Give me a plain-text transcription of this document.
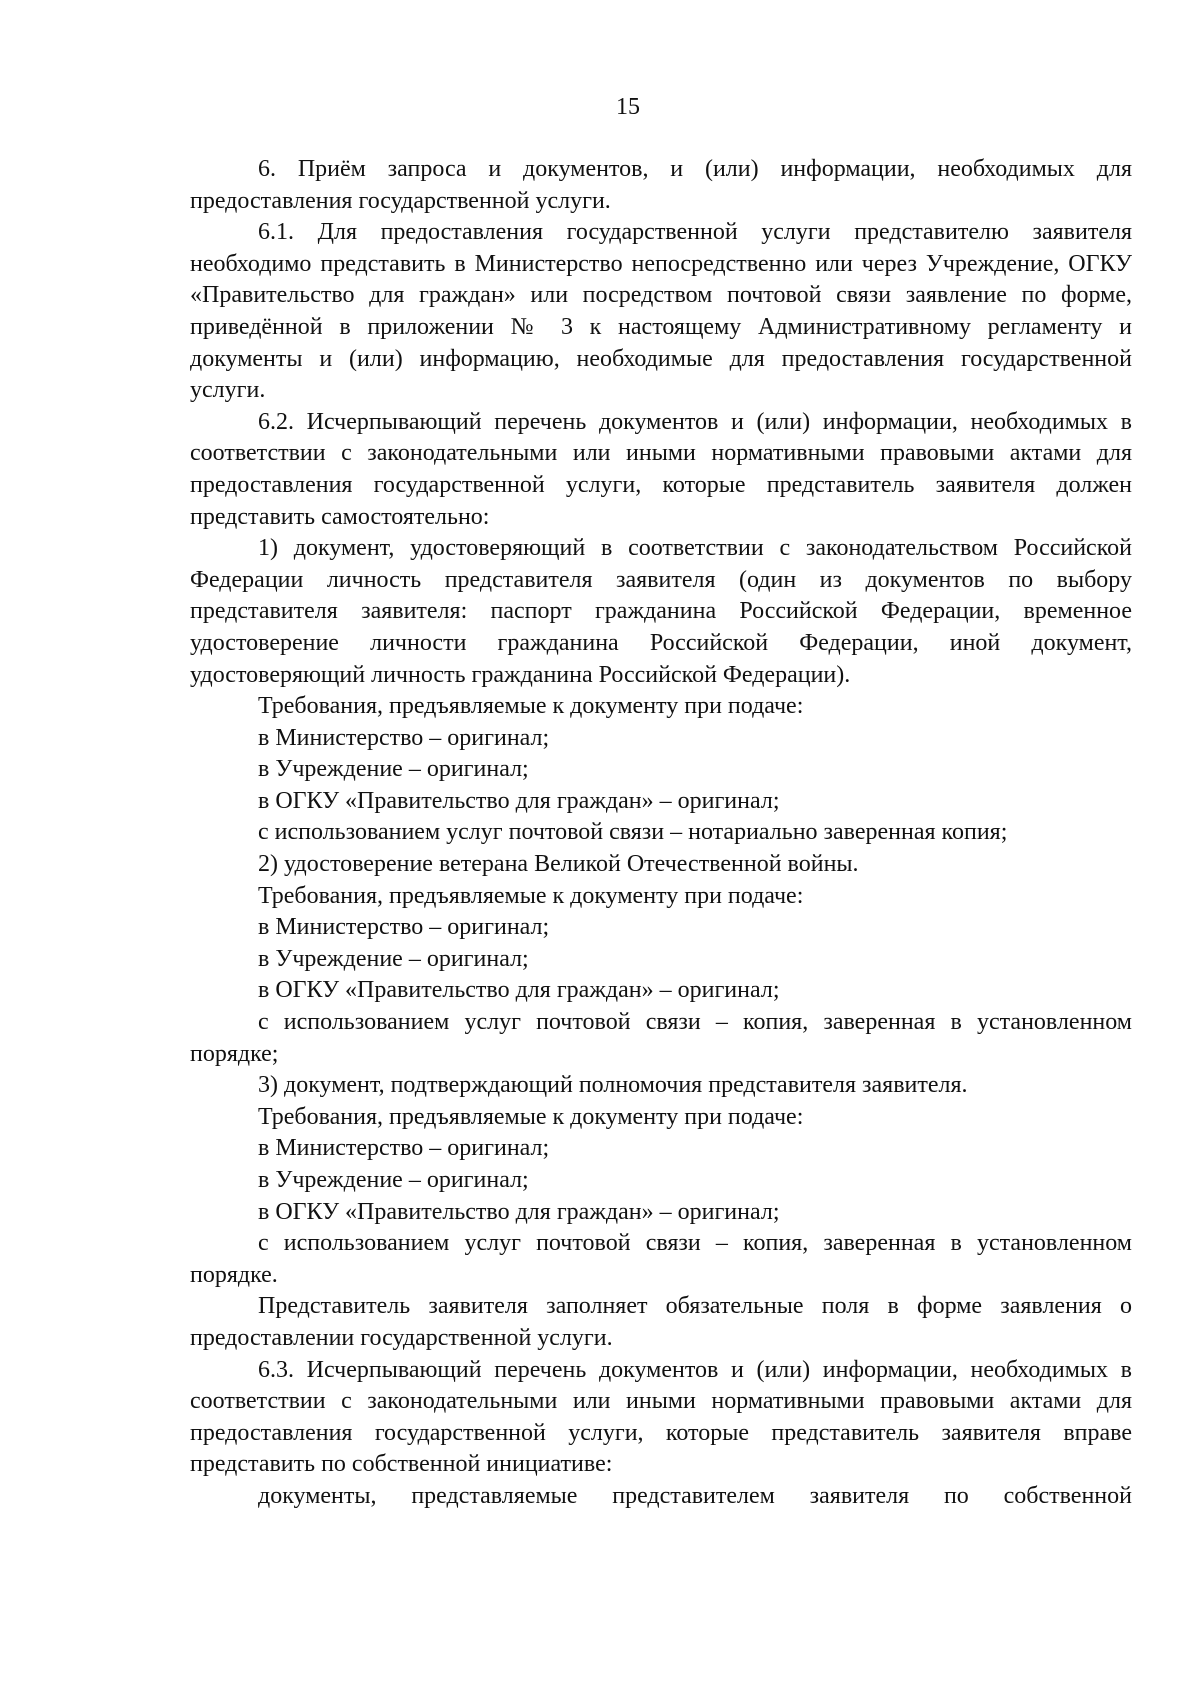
15

6. Приём запроса и документов, и (или) информации, необходимых для предоставления государственной услуги.

6.1. Для предоставления государственной услуги представителю заявителя необходимо представить в Министерство непосредственно или через Учреждение, ОГКУ «Правительство для граждан» или посредством почтовой связи заявление по форме, приведённой в приложении № 3 к настоящему Административному регламенту и документы и (или) информацию, необходимые для предоставления государственной услуги.

6.2. Исчерпывающий перечень документов и (или) информации, необходимых в соответствии с законодательными или иными нормативными правовыми актами для предоставления государственной услуги, которые представитель заявителя должен представить самостоятельно:

1) документ, удостоверяющий в соответствии с законодательством Российской Федерации личность представителя заявителя (один из документов по выбору представителя заявителя: паспорт гражданина Российской Федерации, временное удостоверение личности гражданина Российской Федерации, иной документ, удостоверяющий личность гражданина Российской Федерации).

Требования, предъявляемые к документу при подаче:

в Министерство – оригинал;

в Учреждение – оригинал;

в ОГКУ «Правительство для граждан» – оригинал;

с использованием услуг почтовой связи – нотариально заверенная копия;

2) удостоверение ветерана Великой Отечественной войны.

Требования, предъявляемые к документу при подаче:

в Министерство – оригинал;

в Учреждение – оригинал;

в ОГКУ «Правительство для граждан» – оригинал;

с использованием услуг почтовой связи – копия, заверенная в установленном порядке;

3) документ, подтверждающий полномочия представителя заявителя.

Требования, предъявляемые к документу при подаче:

в Министерство – оригинал;

в Учреждение – оригинал;

в ОГКУ «Правительство для граждан» – оригинал;

с использованием услуг почтовой связи – копия, заверенная в установленном порядке.

Представитель заявителя заполняет обязательные поля в форме заявления о предоставлении государственной услуги.

6.3. Исчерпывающий перечень документов и (или) информации, необходимых в соответствии с законодательными или иными нормативными правовыми актами для предоставления государственной услуги, которые представитель заявителя вправе представить по собственной инициативе:

документы, представляемые представителем заявителя по собственной
